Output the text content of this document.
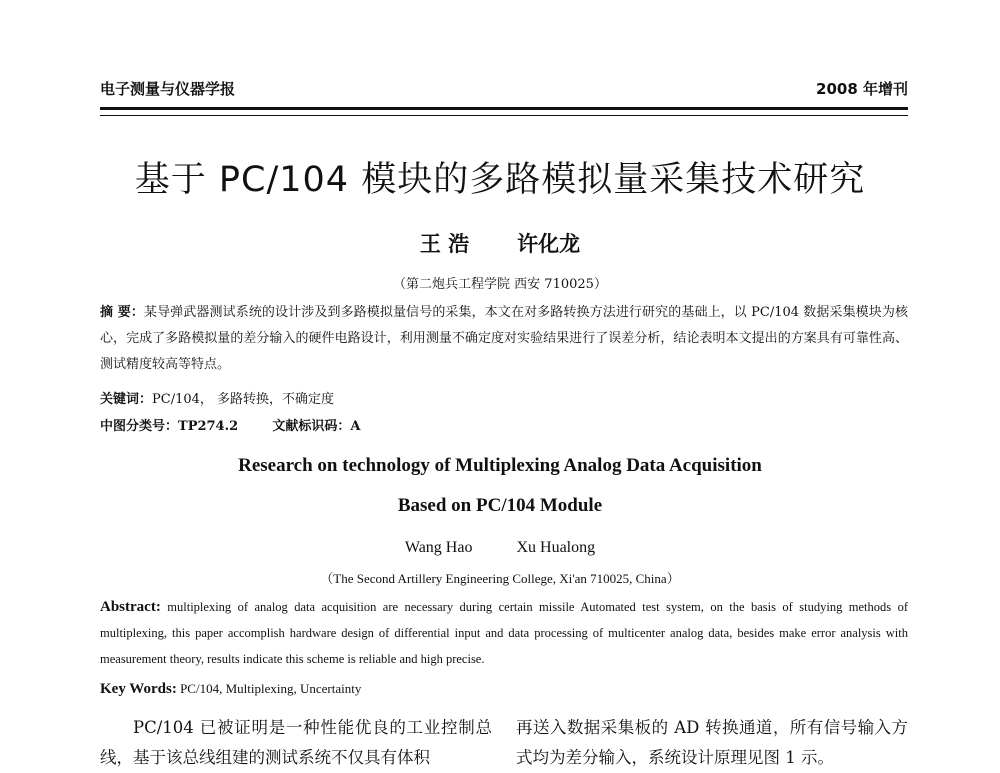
电子测量与仪器学报	2008 年增刊
基于 PC/104 模块的多路模拟量采集技术研究
王 浩 许化龙
（第二炮兵工程学院 西安 710025）
摘 要：某导弹武器测试系统的设计涉及到多路模拟量信号的采集，本文在对多路转换方法进行研究的基础上，以 PC/104 数据采集模块为核心，完成了多路模拟量的差分输入的硬件电路设计，利用测量不确定度对实验结果进行了误差分析，结论表明本文提出的方案具有可靠性高、测试精度较高等特点。
关键词：PC/104， 多路转换，不确定度
中图分类号：TP274.2	文献标识码：A
Research on technology of Multiplexing Analog Data Acquisition
Based on PC/104 Module
Wang Hao	Xu Hualong
（The Second Artillery Engineering College, Xi'an 710025, China）
Abstract: multiplexing of analog data acquisition are necessary during certain missile Automated test system, on the basis of studying methods of multiplexing, this paper accomplish hardware design of differential input and data processing of multicenter analog data, besides make error analysis with measurement theory, results indicate this scheme is reliable and high precise.
Key Words: PC/104, Multiplexing, Uncertainty
PC/104 已被证明是一种性能优良的工业控制总线，基于该总线组建的测试系统不仅具有体积
再送入数据采集板的 AD 转换通道，所有信号输入方式均为差分输入，系统设计原理见图 1 示。
